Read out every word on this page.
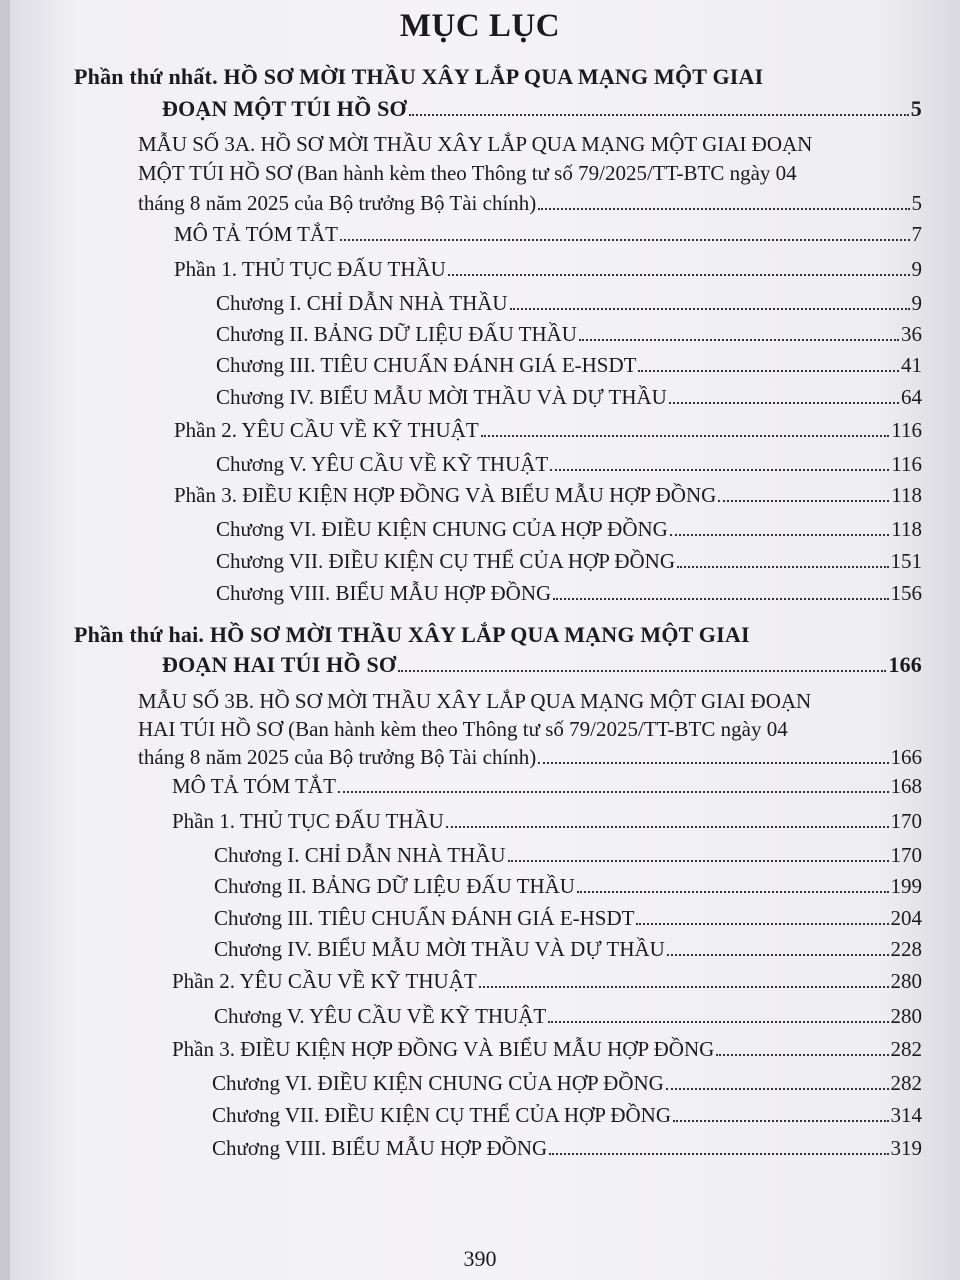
MỤC LỤC
Phần thứ nhất. HỒ SƠ MỜI THẦU XÂY LẮP QUA MẠNG MỘT GIAI
ĐOẠN MỘT TÚI HỒ SƠ	5
MẪU SỐ 3A. HỒ SƠ MỜI THẦU XÂY LẮP QUA MẠNG MỘT GIAI ĐOẠN
MỘT TÚI HỒ SƠ (Ban hành kèm theo Thông tư số 79/2025/TT-BTC ngày 04
tháng 8 năm 2025 của Bộ trưởng Bộ Tài chính)	5
MÔ TẢ TÓM TẮT	7
Phần 1. THỦ TỤC ĐẤU THẦU	9
Chương I. CHỈ DẪN NHÀ THẦU	9
Chương II. BẢNG DỮ LIỆU ĐẤU THẦU	36
Chương III. TIÊU CHUẨN ĐÁNH GIÁ E-HSDT	41
Chương IV. BIỂU MẪU MỜI THẦU VÀ DỰ THẦU	64
Phần 2. YÊU CẦU VỀ KỸ THUẬT	116
Chương V. YÊU CẦU VỀ KỸ THUẬT	116
Phần 3. ĐIỀU KIỆN HỢP ĐỒNG VÀ BIỂU MẪU HỢP ĐỒNG	118
Chương VI. ĐIỀU KIỆN CHUNG CỦA HỢP ĐỒNG	118
Chương VII. ĐIỀU KIỆN CỤ THỂ CỦA HỢP ĐỒNG	151
Chương VIII. BIỂU MẪU HỢP ĐỒNG	156
Phần thứ hai. HỒ SƠ MỜI THẦU XÂY LẮP QUA MẠNG MỘT GIAI
ĐOẠN HAI TÚI HỒ SƠ	166
MẪU SỐ 3B. HỒ SƠ MỜI THẦU XÂY LẮP QUA MẠNG MỘT GIAI ĐOẠN
HAI TÚI HỒ SƠ (Ban hành kèm theo Thông tư số 79/2025/TT-BTC ngày 04
tháng 8 năm 2025 của Bộ trưởng Bộ Tài chính)	166
MÔ TẢ TÓM TẮT	168
Phần 1. THỦ TỤC ĐẤU THẦU	170
Chương I. CHỈ DẪN NHÀ THẦU	170
Chương II. BẢNG DỮ LIỆU ĐẤU THẦU	199
Chương III. TIÊU CHUẨN ĐÁNH GIÁ E-HSDT	204
Chương IV. BIỂU MẪU MỜI THẦU VÀ DỰ THẦU	228
Phần 2. YÊU CẦU VỀ KỸ THUẬT	280
Chương V. YÊU CẦU VỀ KỸ THUẬT	280
Phần 3. ĐIỀU KIỆN HỢP ĐỒNG VÀ BIỂU MẪU HỢP ĐỒNG	282
Chương VI. ĐIỀU KIỆN CHUNG CỦA HỢP ĐỒNG	282
Chương VII. ĐIỀU KIỆN CỤ THỂ CỦA HỢP ĐỒNG	314
Chương VIII. BIỂU MẪU HỢP ĐỒNG	319
390
